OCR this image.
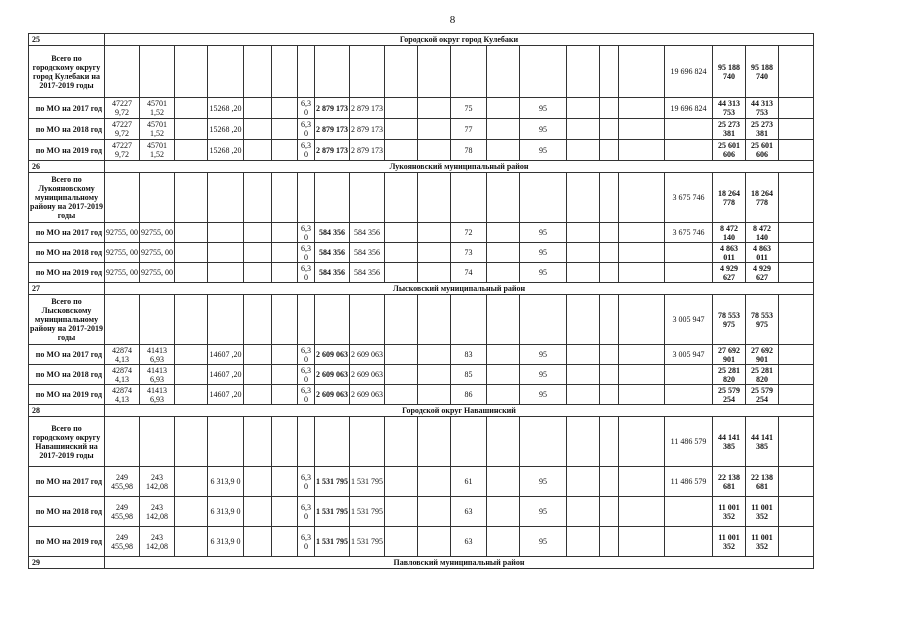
8
25	Городской округ город Кулебаки																				
Всего по городскому округу город Кулебаки на 2017-2019 годы																		19 696 824	95 188 740	95 188 740	
по МО на 2017 год	47227 9,72	45701 1,52		15268 ,20			6,3 0	2 879 173	2 879 173			75		95				19 696 824	44 313 753	44 313 753	
по МО на 2018 год	47227 9,72	45701 1,52		15268 ,20			6,3 0	2 879 173	2 879 173			77		95					25 273 381	25 273 381	
по МО на 2019 год	47227 9,72	45701 1,52		15268 ,20			6,3 0	2 879 173	2 879 173			78		95					25 601 606	25 601 606	
26	Лукояновский муниципальный район																				
Всего по Лукояновскому муниципальному району на 2017-2019 годы																		3 675 746	18 264 778	18 264 778	
по МО на 2017 год	92755, 00	92755, 00					6,3 0	584 356	584 356			72		95				3 675 746	8 472 140	8 472 140	
по МО на 2018 год	92755, 00	92755, 00					6,3 0	584 356	584 356			73		95					4 863 011	4 863 011	
по МО на 2019 год	92755, 00	92755, 00					6,3 0	584 356	584 356			74		95					4 929 627	4 929 627	
27	Лысковский муниципальный район																				
Всего по Лысковскому муниципальному району на 2017-2019 годы																		3 005 947	78 553 975	78 553 975	
по МО на 2017 год	42874 4,13	41413 6,93		14607 ,20			6,3 0	2 609 063	2 609 063			83		95				3 005 947	27 692 901	27 692 901	
по МО на 2018 год	42874 4,13	41413 6,93		14607 ,20			6,3 0	2 609 063	2 609 063			85		95					25 281 820	25 281 820	
по МО на 2019 год	42874 4,13	41413 6,93		14607 ,20			6,3 0	2 609 063	2 609 063			86		95					25 579 254	25 579 254	
28	Городской округ Навашинский																				
Всего по городскому округу Навашинский на 2017-2019 годы																		11 486 579	44 141 385	44 141 385	
по МО на 2017 год	249 455,98	243 142,08		6 313,9 0			6,3 0	1 531 795	1 531 795			61		95				11 486 579	22 138 681	22 138 681	
по МО на 2018 год	249 455,98	243 142,08		6 313,9 0			6,3 0	1 531 795	1 531 795			63		95					11 001 352	11 001 352	
по МО на 2019 год	249 455,98	243 142,08		6 313,9 0			6,3 0	1 531 795	1 531 795			63		95					11 001 352	11 001 352	
29	Павловский муниципальный район																				
